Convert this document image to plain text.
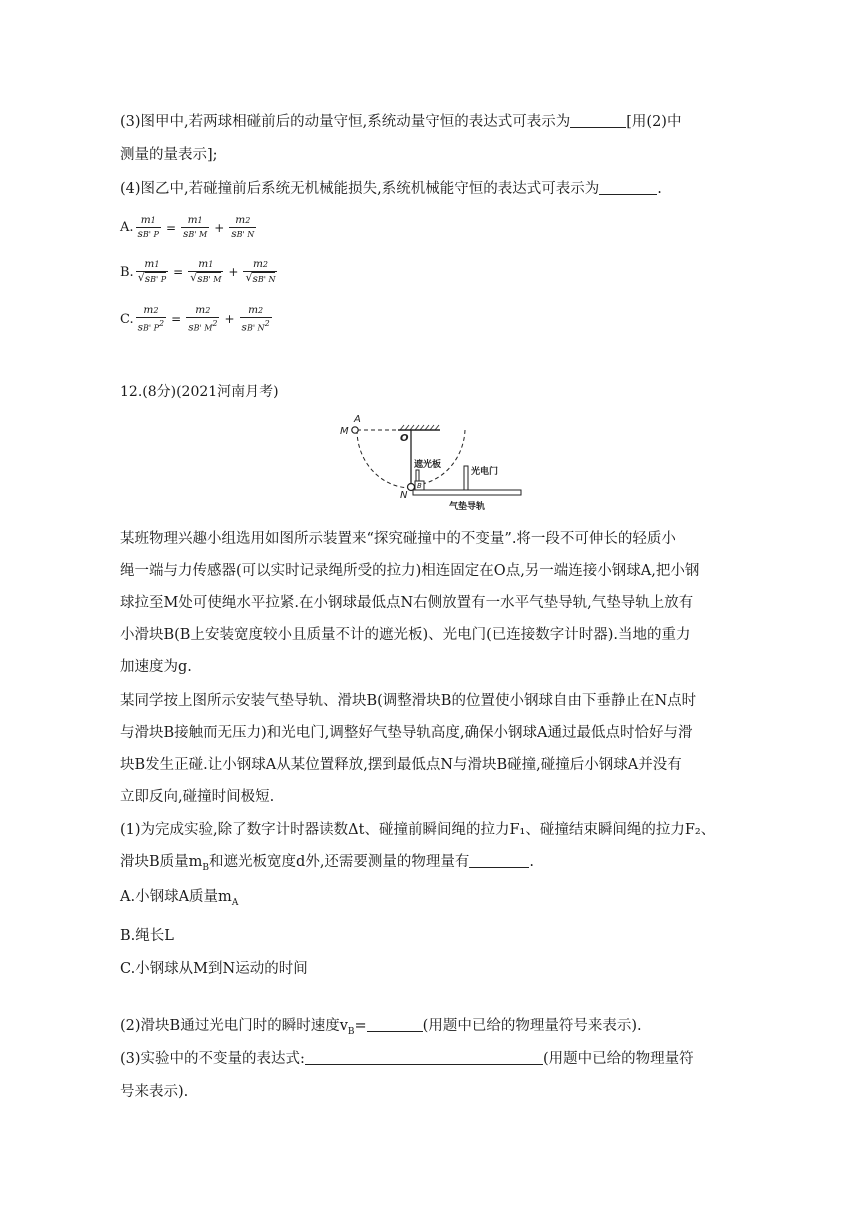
(3)图甲中,若两球相碰前后的动量守恒,系统动量守恒的表达式可表示为	[用(2)中
测量的量表示];
(4)图乙中,若碰撞前后系统无机械能损失,系统机械能守恒的表达式可表示为	.
A. $\frac{m1}{sB' P} = \frac{m1}{sB' M} + \frac{m2}{sB' N}$
B. $\frac{m1}{√ sB' P} = \frac{m1}{√ sB' M} + \frac{m2}{√ sB' N}$
C. $\frac{m2}{sB' P^2} = \frac{m2}{sB' M^2} + \frac{m2}{sB' N^2}$
12.(8分)(2021河南月考)
A
M
O
N
B
遮光板
光电门
气垫导轨
某班物理兴趣小组选用如图所示装置来“探究碰撞中的不变量”.将一段不可伸长的轻质小
绳一端与力传感器(可以实时记录绳所受的拉力)相连固定在O点,另一端连接小钢球A,把小钢
球拉至M处可使绳水平拉紧.在小钢球最低点N右侧放置有一水平气垫导轨,气垫导轨上放有
小滑块B(B上安装宽度较小且质量不计的遮光板)、光电门(已连接数字计时器).当地的重力
加速度为g.
某同学按上图所示安装气垫导轨、滑块B(调整滑块B的位置使小钢球自由下垂静止在N点时
与滑块B接触而无压力)和光电门,调整好气垫导轨高度,确保小钢球A通过最低点时恰好与滑
块B发生正碰.让小钢球A从某位置释放,摆到最低点N与滑块B碰撞,碰撞后小钢球A并没有
立即反向,碰撞时间极短.
(1)为完成实验,除了数字计时器读数Δt、碰撞前瞬间绳的拉力F₁、碰撞结束瞬间绳的拉力F₂、
滑块B质量$m_B$和遮光板宽度d外,还需要测量的物理量有	.
A.小钢球A质量$m_A$
B.绳长L
C.小钢球从M到N运动的时间
(2)滑块B通过光电门时的瞬时速度$v_B=$	(用题中已给的物理量符号来表示).
(3)实验中的不变量的表达式:	(用题中已给的物理量符
号来表示).
